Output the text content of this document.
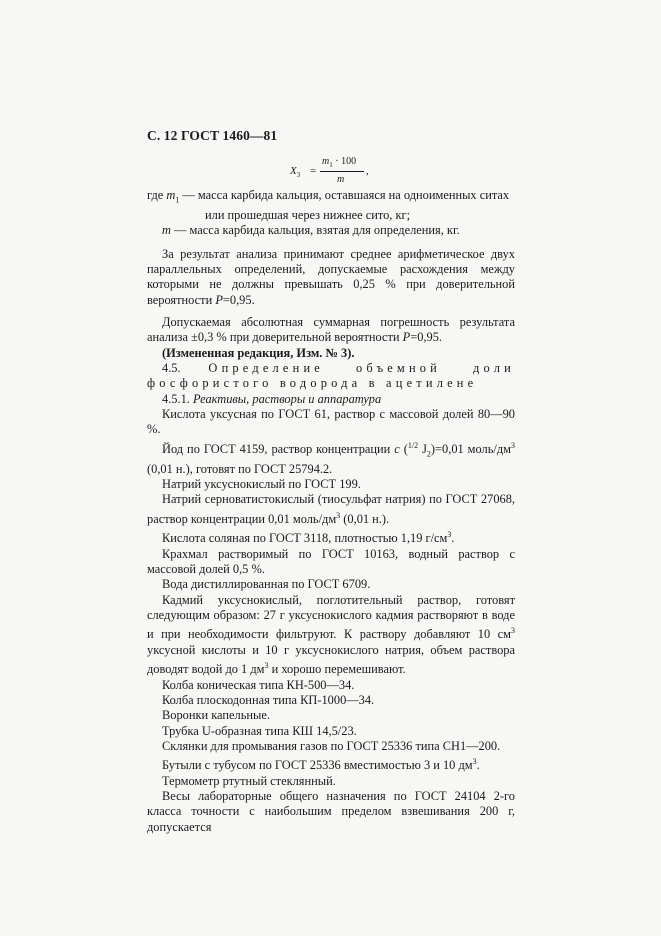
С. 12 ГОСТ 1460—81
$X_3$ =
$m_1 \cdot 100$
m
,

где $m_1$ — масса карбида кальция, оставшаяся на одноименных ситах

или прошедшая через нижнее сито, кг;

m — масса карбида кальция, взятая для определения, кг.

За результат анализа принимают среднее арифметическое двух параллельных определений, допускаемые расхождения между которыми не должны превышать 0,25 % при доверительной вероятности P=0,95.

Допускаемая абсолютная суммарная погрешность результата анализа ±0,3 % при доверительной вероятности P=0,95.

(Измененная редакция, Изм. № 3).

4.5. Определение объемной доли фосфористого водорода в ацетилене

4.5.1. Реактивы, растворы и аппаратура

Кислота уксусная по ГОСТ 61, раствор с массовой долей 80—90 %.

Йод по ГОСТ 4159, раствор концентрации c ($^{1/2}$ $J_2)=0,01$ моль/$дм^3$ (0,01 н.), готовят по ГОСТ 25794.2.

Натрий уксуснокислый по ГОСТ 199.

Натрий серноватистокислый (тиосульфат натрия) по ГОСТ 27068, раствор концентрации 0,01 моль/$дм^3$ (0,01 н.).

Кислота соляная по ГОСТ 3118, плотностью 1,19 $г/см^3$.

Крахмал растворимый по ГОСТ 10163, водный раствор с массовой долей 0,5 %.

Вода дистиллированная по ГОСТ 6709.

Кадмий уксуснокислый, поглотительный раствор, готовят следующим образом: 27 г уксуснокислого кадмия растворяют в воде и при необходимости фильтруют. К раствору добавляют 10 $см^3$ уксусной кислоты и 10 г уксуснокислого натрия, объем раствора доводят водой до 1 $дм^3$ и хорошо перемешивают.

Колба коническая типа КН-500—34.

Колба плоскодонная типа КП-1000—34.

Воронки капельные.

Трубка U-образная типа КШ 14,5/23.

Склянки для промывания газов по ГОСТ 25336 типа СН1—200.

Бутыли с тубусом по ГОСТ 25336 вместимостью 3 и 10 $дм^3$.

Термометр ртутный стеклянный.

Весы лабораторные общего назначения по ГОСТ 24104 2-го класса точности с наибольшим пределом взвешивания 200 г, допускается
